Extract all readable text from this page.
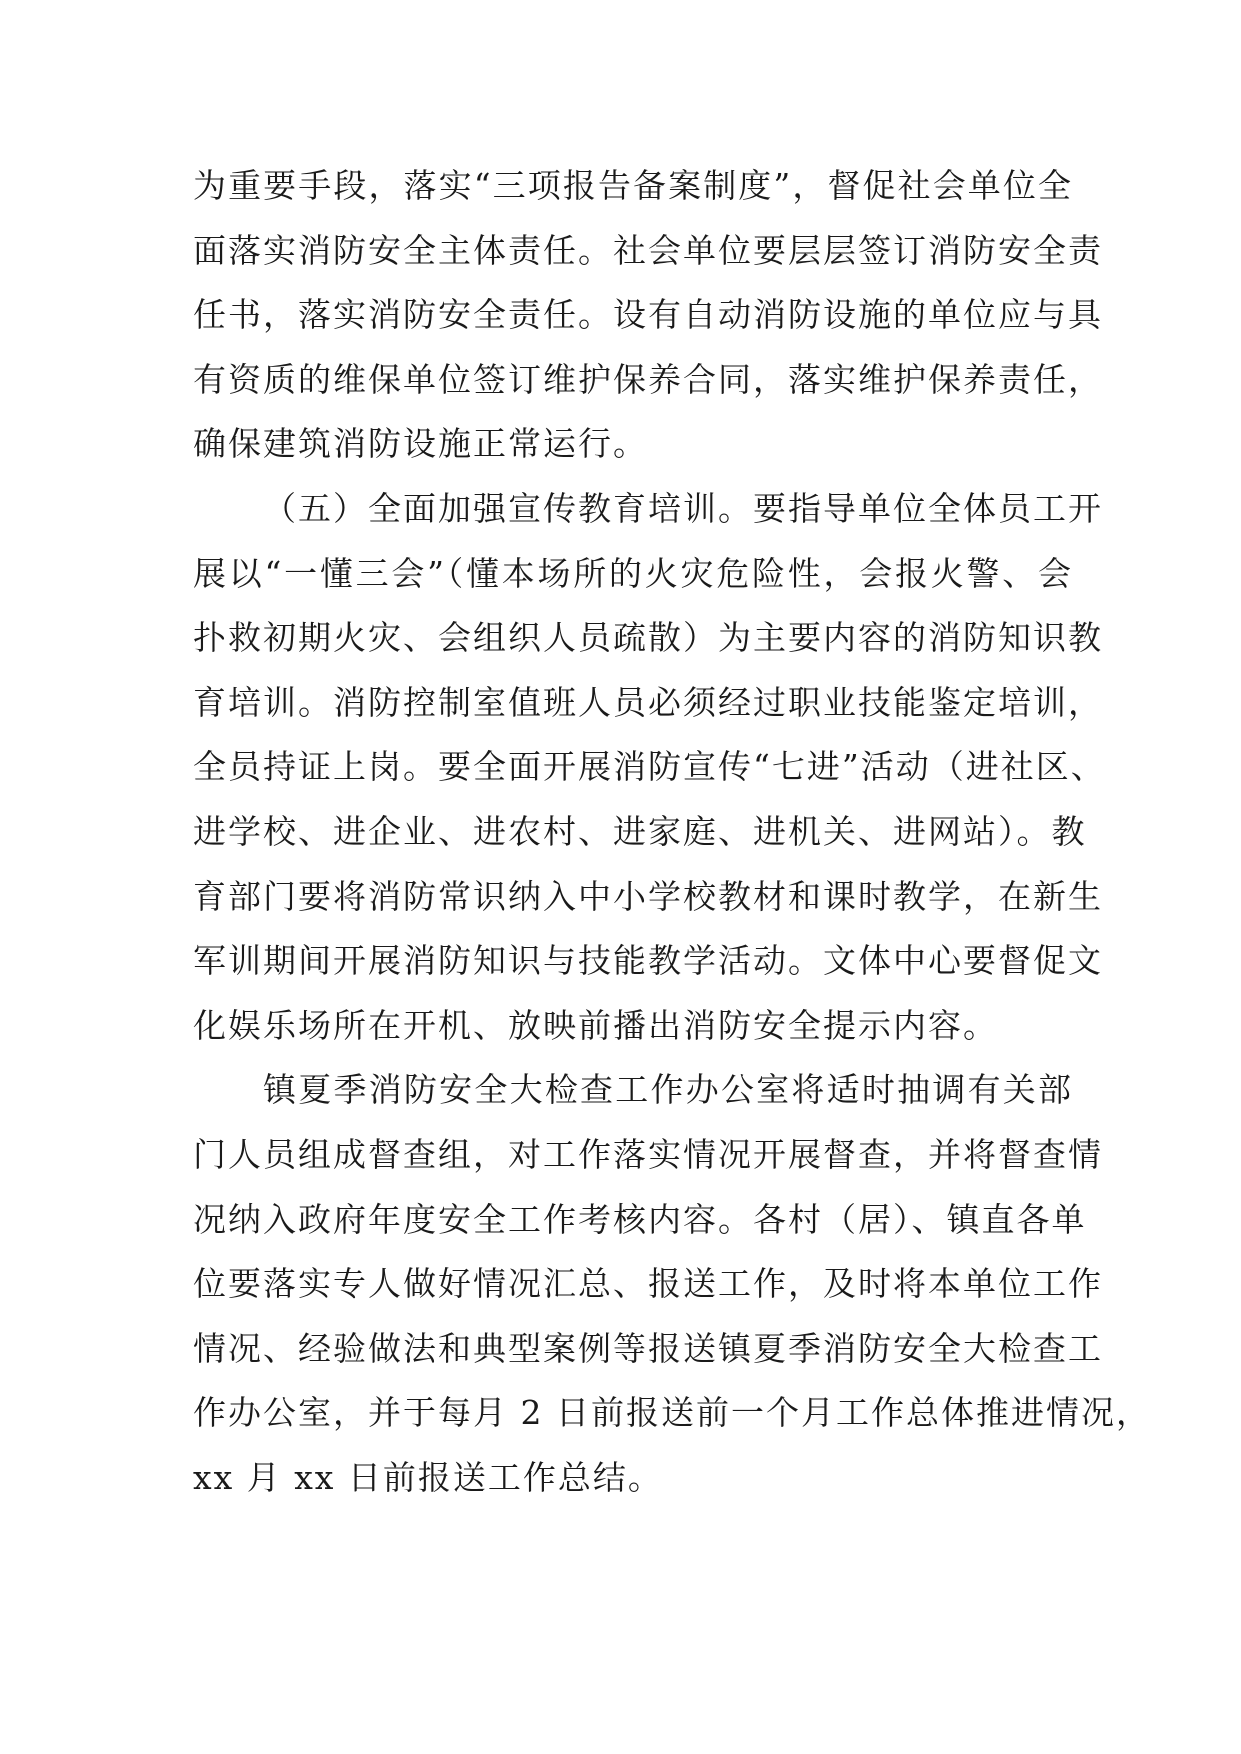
为重要手段，落实“三项报告备案制度”，督促社会单位全
面落实消防安全主体责任。社会单位要层层签订消防安全责
任书，落实消防安全责任。设有自动消防设施的单位应与具
有资质的维保单位签订维护保养合同，落实维护保养责任，
确保建筑消防设施正常运行。
（五）全面加强宣传教育培训。要指导单位全体员工开
展以“一懂三会”（懂本场所的火灾危险性，会报火警、会
扑救初期火灾、会组织人员疏散）为主要内容的消防知识教
育培训。消防控制室值班人员必须经过职业技能鉴定培训，
全员持证上岗。要全面开展消防宣传“七进”活动（进社区、
进学校、进企业、进农村、进家庭、进机关、进网站）。教
育部门要将消防常识纳入中小学校教材和课时教学，在新生
军训期间开展消防知识与技能教学活动。文体中心要督促文
化娱乐场所在开机、放映前播出消防安全提示内容。
镇夏季消防安全大检查工作办公室将适时抽调有关部
门人员组成督查组，对工作落实情况开展督查，并将督查情
况纳入政府年度安全工作考核内容。各村（居）、镇直各单
位要落实专人做好情况汇总、报送工作，及时将本单位工作
情况、经验做法和典型案例等报送镇夏季消防安全大检查工
作办公室，并于每月 2 日前报送前一个月工作总体推进情况，
xx 月 xx 日前报送工作总结。
